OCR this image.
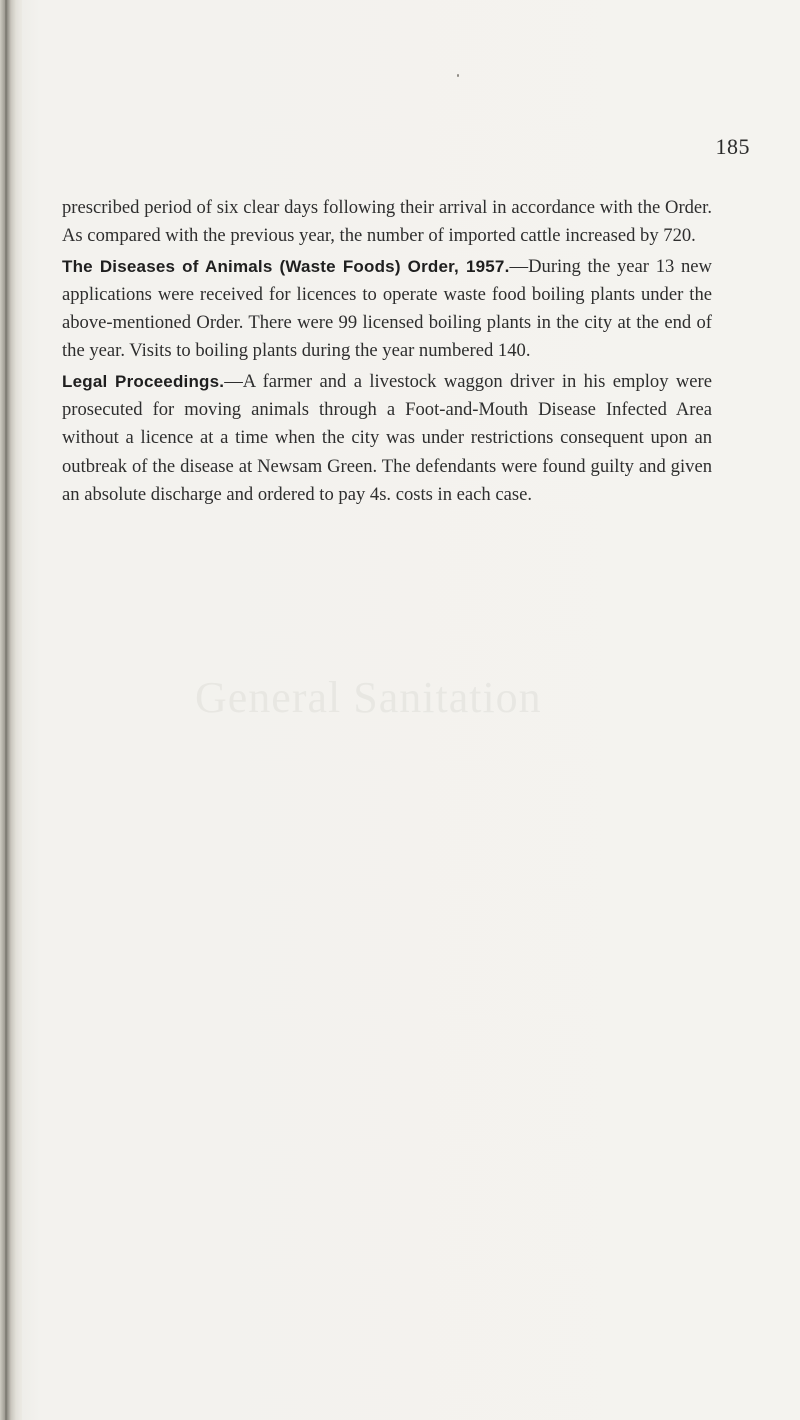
185

prescribed period of six clear days following their arrival in accordance with the Order. As compared with the previous year, the number of imported cattle increased by 720.

The Diseases of Animals (Waste Foods) Order, 1957.—During the year 13 new applications were received for licences to operate waste food boiling plants under the above-mentioned Order. There were 99 licensed boiling plants in the city at the end of the year. Visits to boiling plants during the year numbered 140.

Legal Proceedings.—A farmer and a livestock waggon driver in his employ were prosecuted for moving animals through a Foot-and-Mouth Disease Infected Area without a licence at a time when the city was under restrictions consequent upon an outbreak of the disease at Newsam Green. The defendants were found guilty and given an absolute discharge and ordered to pay 4s. costs in each case.

General Sanitation
